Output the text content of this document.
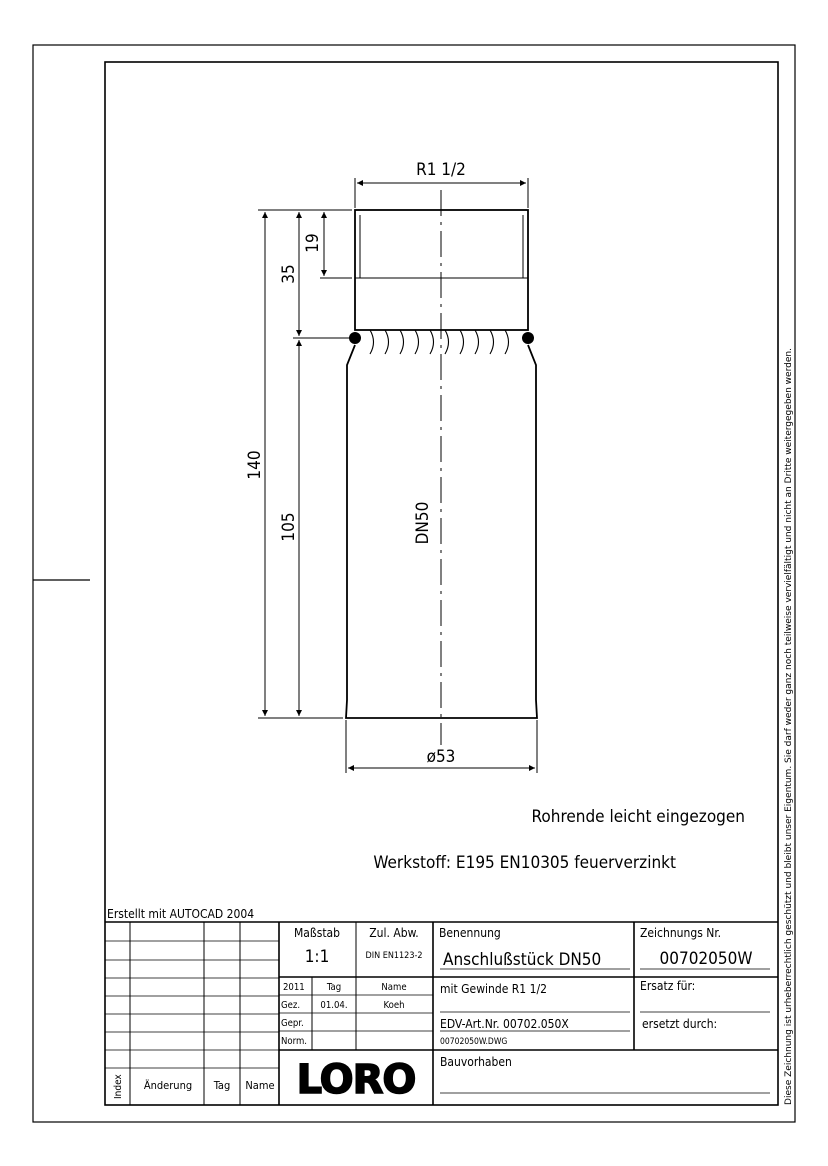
R1 1/2
140
35
19
105	DN50
ø53
Rohrende leicht eingezogen
Werkstoff: E195 EN10305 feuerverzinkt	Diese Zeichnung ist urheberrechtlich geschützt und bleibt unser Eigentum. Sie darf weder ganz noch teilweise vervielfältigt und nicht an Dritte weitergegeben werden.
Erstellt mit AUTOCAD 2004
Index Änderung Tag Name
Maßstab
1:1
Zul. Abw.
DIN EN1123-2
Benennung
Anschlußstück DN50
Zeichnungs Nr.
00702050W
2011 Tag	Name
Gez. 01.04.	Koeh
Gepr.
Norm.
mit Gewinde R1 1/2	Ersatz für:
EDV-Art.Nr. 00702.050X	ersetzt durch:
00702050W.DWG
Bauvorhaben
LORO
